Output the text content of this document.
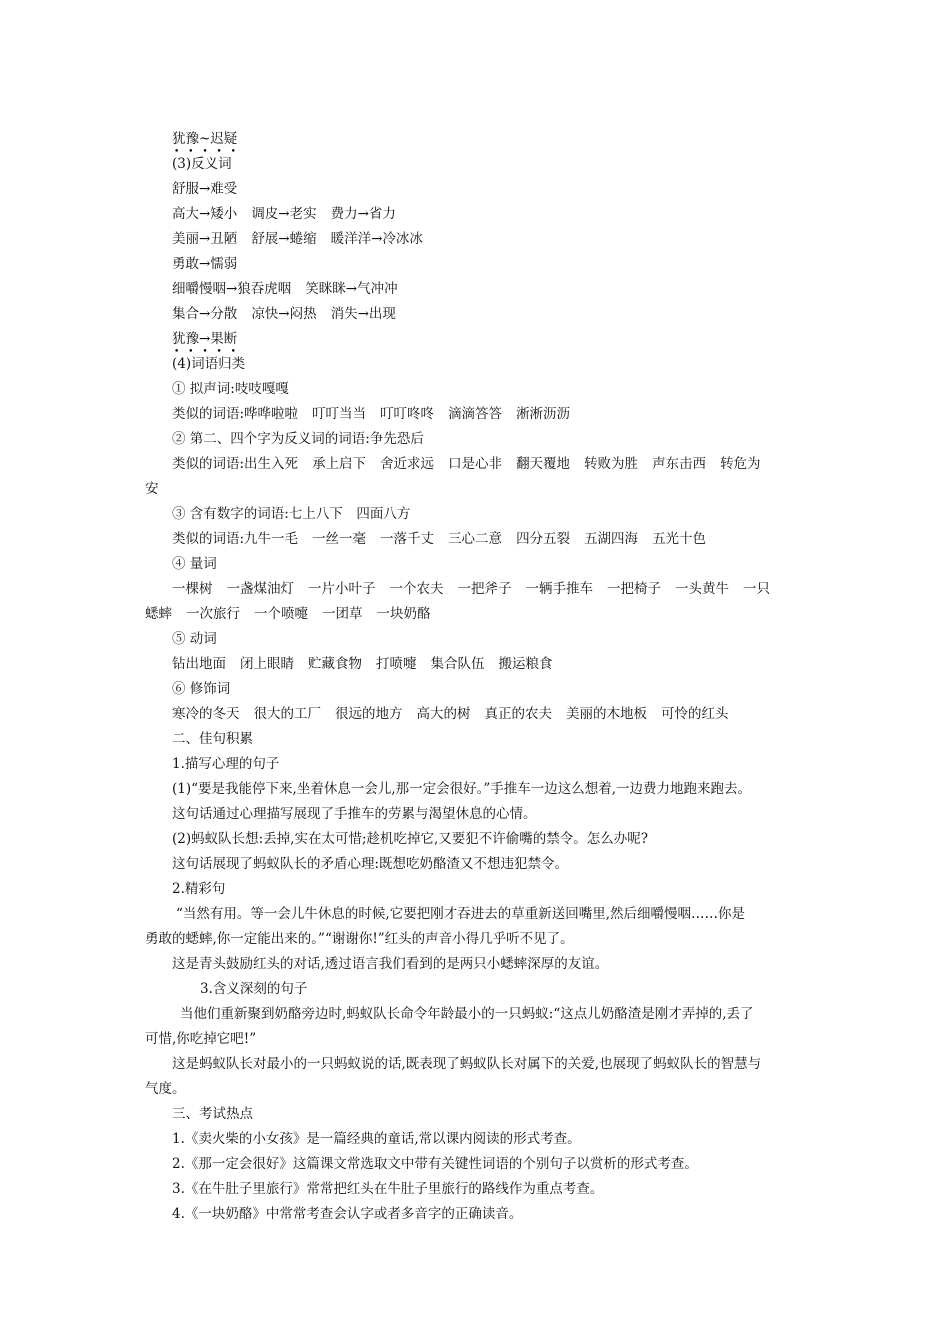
犹豫~迟疑
• • • • •
(3)反义词
舒服→难受
高大→矮小 调皮→老实 费力→省力
美丽→丑陋 舒展→蜷缩 暖洋洋→冷冰冰
勇敢→懦弱
细嚼慢咽→狼吞虎咽 笑眯眯→气冲冲
集合→分散 凉快→闷热 消失→出现
犹豫→果断
• • • • •
(4)词语归类
① 拟声词:吱吱嘎嘎
类似的词语:哗哗啦啦 叮叮当当 叮叮咚咚 滴滴答答 淅淅沥沥
② 第二、四个字为反义词的词语:争先恐后
类似的词语:出生入死 承上启下 舍近求远 口是心非 翻天覆地 转败为胜 声东击西 转危为
安
③ 含有数字的词语:七上八下　四面八方
类似的词语:九牛一毛 一丝一毫 一落千丈 三心二意 四分五裂 五湖四海 五光十色
④ 量词
一棵树 一盏煤油灯 一片小叶子 一个农夫 一把斧子 一辆手推车 一把椅子 一头黄牛 一只
蟋蟀 一次旅行 一个喷嚏 一团草 一块奶酪
⑤ 动词
钻出地面 闭上眼睛 贮藏食物 打喷嚏 集合队伍 搬运粮食
⑥ 修饰词
寒冷的冬天 很大的工厂 很远的地方 高大的树 真正的农夫 美丽的木地板 可怜的红头
二、佳句积累
1.描写心理的句子
(1)“要是我能停下来,坐着休息一会儿,那一定会很好。”手推车一边这么想着,一边费力地跑来跑去。
这句话通过心理描写展现了手推车的劳累与渴望休息的心情。
(2)蚂蚁队长想:丢掉,实在太可惜;趁机吃掉它,又要犯不许偷嘴的禁令。怎么办呢?
这句话展现了蚂蚁队长的矛盾心理:既想吃奶酪渣又不想违犯禁令。
2.精彩句
“当然有用。等一会儿牛休息的时候,它要把刚才吞进去的草重新送回嘴里,然后细嚼慢咽……你是
勇敢的蟋蟀,你一定能出来的。”“谢谢你!”红头的声音小得几乎听不见了。
这是青头鼓励红头的对话,透过语言我们看到的是两只小蟋蟀深厚的友谊。
3.含义深刻的句子
当他们重新聚到奶酪旁边时,蚂蚁队长命令年龄最小的一只蚂蚁:“这点儿奶酪渣是刚才弄掉的,丢了
可惜,你吃掉它吧!”
这是蚂蚁队长对最小的一只蚂蚁说的话,既表现了蚂蚁队长对属下的关爱,也展现了蚂蚁队长的智慧与
气度。
三、考试热点
1.《卖火柴的小女孩》是一篇经典的童话,常以课内阅读的形式考查。
2.《那一定会很好》这篇课文常选取文中带有关键性词语的个别句子以赏析的形式考查。
3.《在牛肚子里旅行》常常把红头在牛肚子里旅行的路线作为重点考查。
4.《一块奶酪》中常常考查会认字或者多音字的正确读音。
